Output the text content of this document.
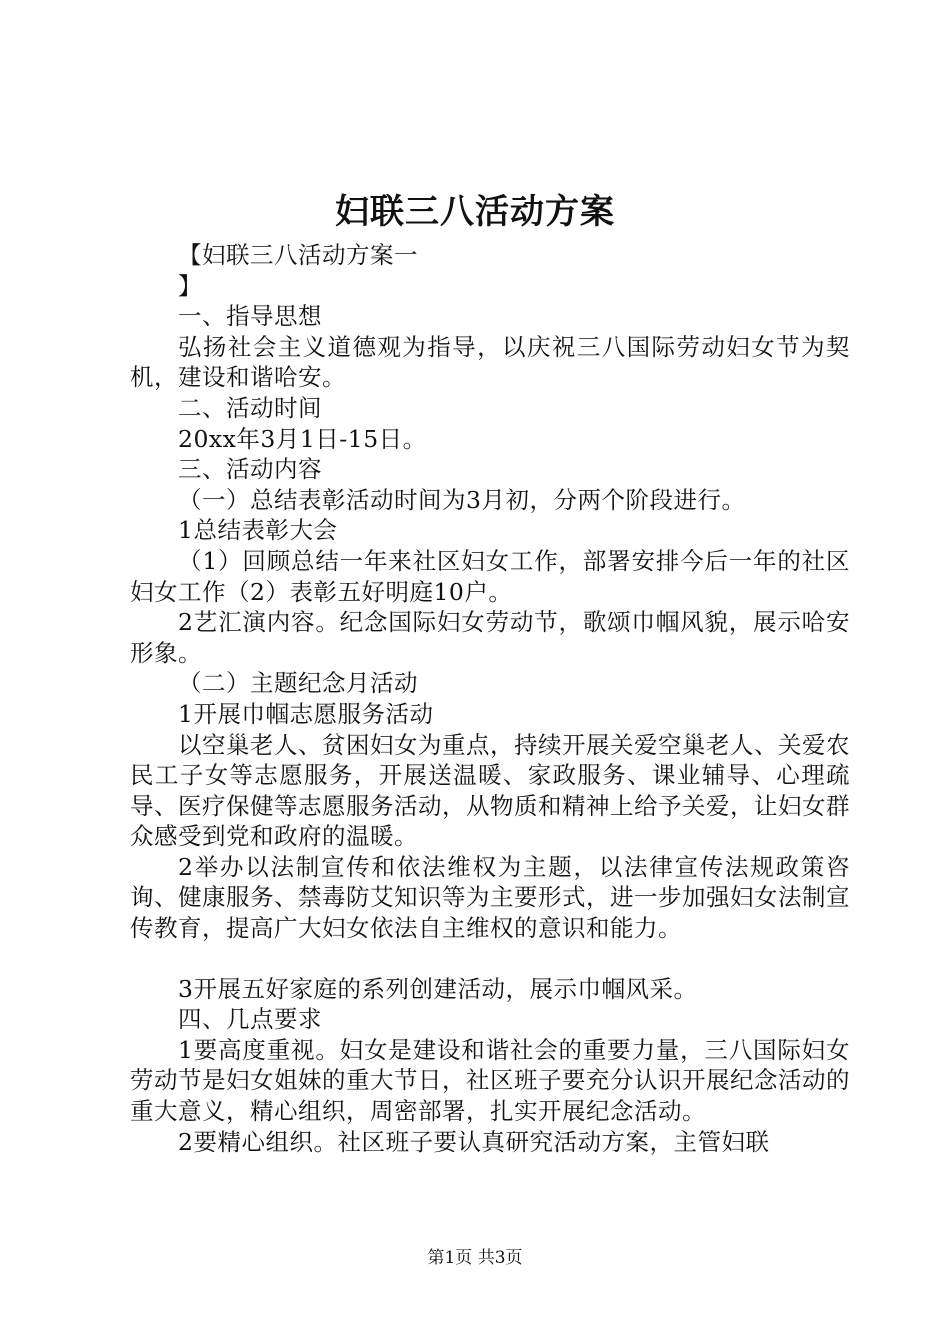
妇联三八活动方案

【妇联三八活动方案一

】

一、指导思想

弘扬社会主义道德观为指导，以庆祝三八国际劳动妇女节为契机，建设和谐哈安。

二、活动时间

20xx年3月1日-15日。

三、活动内容

（一）总结表彰活动时间为3月初，分两个阶段进行。

1总结表彰大会

（1）回顾总结一年来社区妇女工作，部署安排今后一年的社区妇女工作（2）表彰五好明庭10户。

2艺汇演内容。纪念国际妇女劳动节，歌颂巾帼风貌，展示哈安形象。

（二）主题纪念月活动

1开展巾帼志愿服务活动

以空巢老人、贫困妇女为重点，持续开展关爱空巢老人、关爱农民工子女等志愿服务，开展送温暖、家政服务、课业辅导、心理疏导、医疗保健等志愿服务活动，从物质和精神上给予关爱，让妇女群众感受到党和政府的温暖。

2举办以法制宣传和依法维权为主题，以法律宣传法规政策咨询、健康服务、禁毒防艾知识等为主要形式，进一步加强妇女法制宣传教育，提高广大妇女依法自主维权的意识和能力。

3开展五好家庭的系列创建活动，展示巾帼风采。

四、几点要求

1要高度重视。妇女是建设和谐社会的重要力量，三八国际妇女劳动节是妇女姐妹的重大节日，社区班子要充分认识开展纪念活动的重大意义，精心组织，周密部署，扎实开展纪念活动。

2要精心组织。社区班子要认真研究活动方案，主管妇联

第1页 共3页
